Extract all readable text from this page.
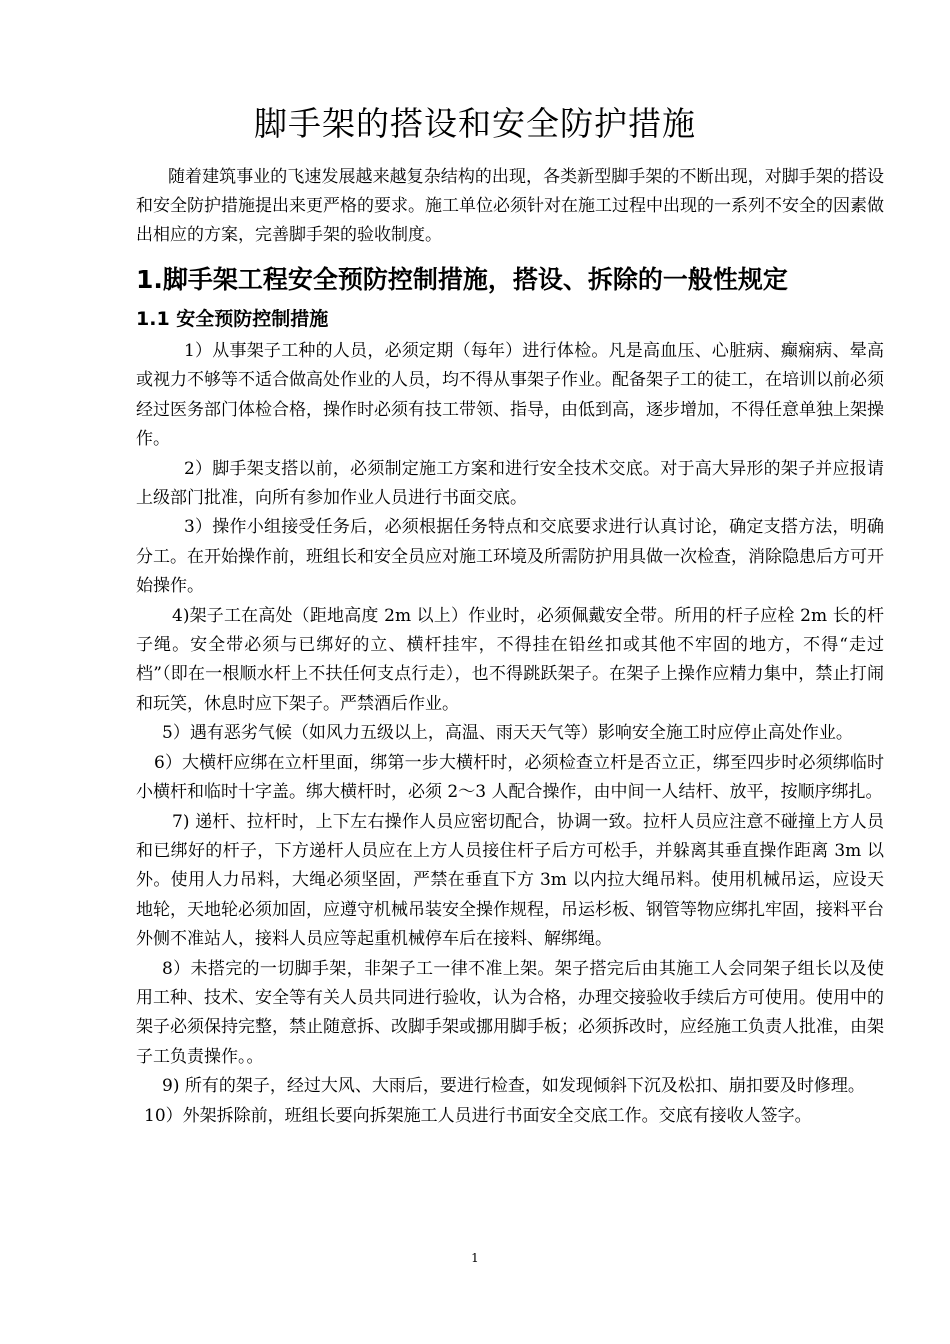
脚手架的搭设和安全防护措施

随着建筑事业的飞速发展越来越复杂结构的出现，各类新型脚手架的不断出现，对脚手架的搭设和安全防护措施提出来更严格的要求。施工单位必须针对在施工过程中出现的一系列不安全的因素做出相应的方案，完善脚手架的验收制度。

1.脚手架工程安全预防控制措施，搭设、拆除的一般性规定
1.1 安全预防控制措施

1）从事架子工种的人员，必须定期（每年）进行体检。凡是高血压、心脏病、癫痫病、晕高或视力不够等不适合做高处作业的人员，均不得从事架子作业。配备架子工的徒工，在培训以前必须经过医务部门体检合格，操作时必须有技工带领、指导，由低到高，逐步增加，不得任意单独上架操作。

2）脚手架支搭以前，必须制定施工方案和进行安全技术交底。对于高大异形的架子并应报请上级部门批准，向所有参加作业人员进行书面交底。

3）操作小组接受任务后，必须根据任务特点和交底要求进行认真讨论，确定支搭方法，明确分工。在开始操作前，班组长和安全员应对施工环境及所需防护用具做一次检查，消除隐患后方可开始操作。

4)架子工在高处（距地高度 2m 以上）作业时，必须佩戴安全带。所用的杆子应栓 2m 长的杆子绳。安全带必须与已绑好的立、横杆挂牢，不得挂在铅丝扣或其他不牢固的地方，不得“走过档”（即在一根顺水杆上不扶任何支点行走），也不得跳跃架子。在架子上操作应精力集中，禁止打闹和玩笑，休息时应下架子。严禁酒后作业。

5）遇有恶劣气候（如风力五级以上，高温、雨天天气等）影响安全施工时应停止高处作业。

6）大横杆应绑在立杆里面，绑第一步大横杆时，必须检查立杆是否立正，绑至四步时必须绑临时小横杆和临时十字盖。绑大横杆时，必须 2～3 人配合操作，由中间一人结杆、放平，按顺序绑扎。

7) 递杆、拉杆时，上下左右操作人员应密切配合，协调一致。拉杆人员应注意不碰撞上方人员和已绑好的杆子，下方递杆人员应在上方人员接住杆子后方可松手，并躲离其垂直操作距离 3m 以外。使用人力吊料，大绳必须坚固，严禁在垂直下方 3m 以内拉大绳吊料。使用机械吊运，应设天地轮，天地轮必须加固，应遵守机械吊装安全操作规程，吊运杉板、钢管等物应绑扎牢固，接料平台外侧不准站人，接料人员应等起重机械停车后在接料、解绑绳。

8）未搭完的一切脚手架，非架子工一律不准上架。架子搭完后由其施工人会同架子组长以及使用工种、技术、安全等有关人员共同进行验收，认为合格，办理交接验收手续后方可使用。使用中的架子必须保持完整，禁止随意拆、改脚手架或挪用脚手板；必须拆改时，应经施工负责人批准，由架子工负责操作。。

9) 所有的架子，经过大风、大雨后，要进行检查，如发现倾斜下沉及松扣、崩扣要及时修理。

10）外架拆除前，班组长要向拆架施工人员进行书面安全交底工作。交底有接收人签字。

1
